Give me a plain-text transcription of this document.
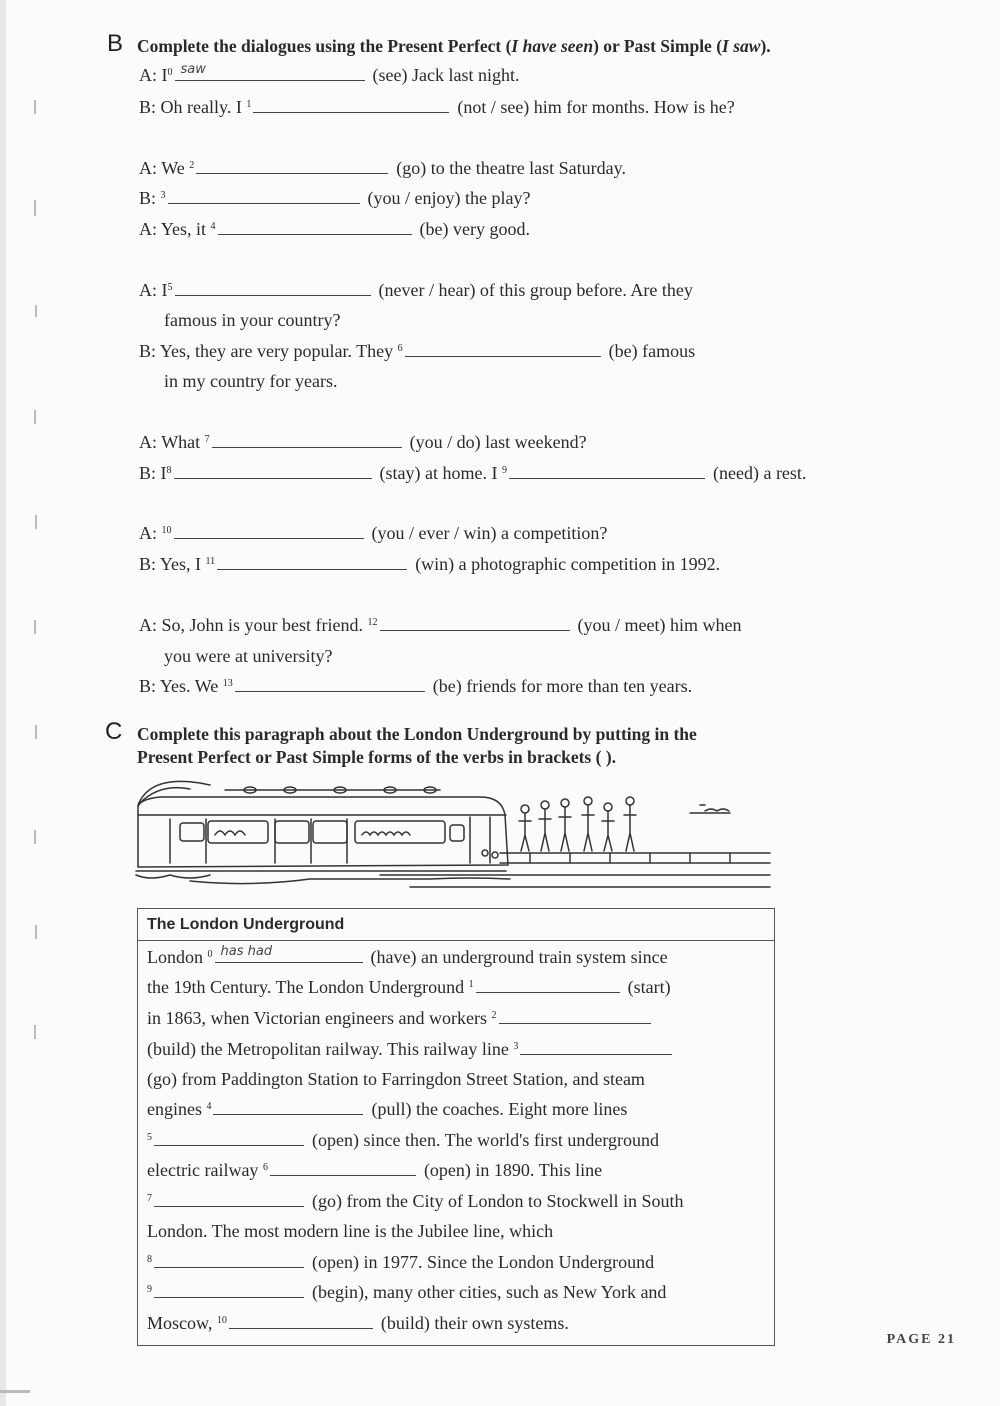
B Complete the dialogues using the Present Perfect (I have seen) or Past Simple (I saw).
A: $I^0$ saw	(see) Jack last night.
B: Oh really. I $^1$	(not / see) him for months. How is he?
A: We $^2$	(go) to the theatre last Saturday.
B: $^3$	(you / enjoy) the play?
A: Yes, it $^4$	(be) very good.
A: $I^5$	(never / hear) of this group before. Are they
famous in your country?
B: Yes, they are very popular. They $^6$	(be) famous
in my country for years.
A: What $^7$	(you / do) last weekend?
B: $I^8$	(stay) at home. I $^9$	(need) a rest.
A: $^{10}$	(you / ever / win) a competition?
B: Yes, I $^{11}$	(win) a photographic competition in 1992.
A: So, John is your best friend. $^{12}$	(you / meet) him when
you were at university?
B: Yes. We $^{13}$	(be) friends for more than ten years.
C Complete this paragraph about the London Underground by putting in the
Present Perfect or Past Simple forms of the verbs in brackets ( ).
The London Underground
London $^0$ has had	(have) an underground train system since
the 19th Century. The London Underground $^1$	(start)
in 1863, when Victorian engineers and workers $^2$
(build) the Metropolitan railway. This railway line $^3$
(go) from Paddington Station to Farringdon Street Station, and steam
engines $^4$	(pull) the coaches. Eight more lines
$^5$	(open) since then. The world's first underground
electric railway $^6$	(open) in 1890. This line
$^7$	(go) from the City of London to Stockwell in South
London. The most modern line is the Jubilee line, which
$^8$	(open) in 1977. Since the London Underground
$^9$	(begin), many other cities, such as New York and
Moscow, $^{10}$	(build) their own systems.
PAGE 21
